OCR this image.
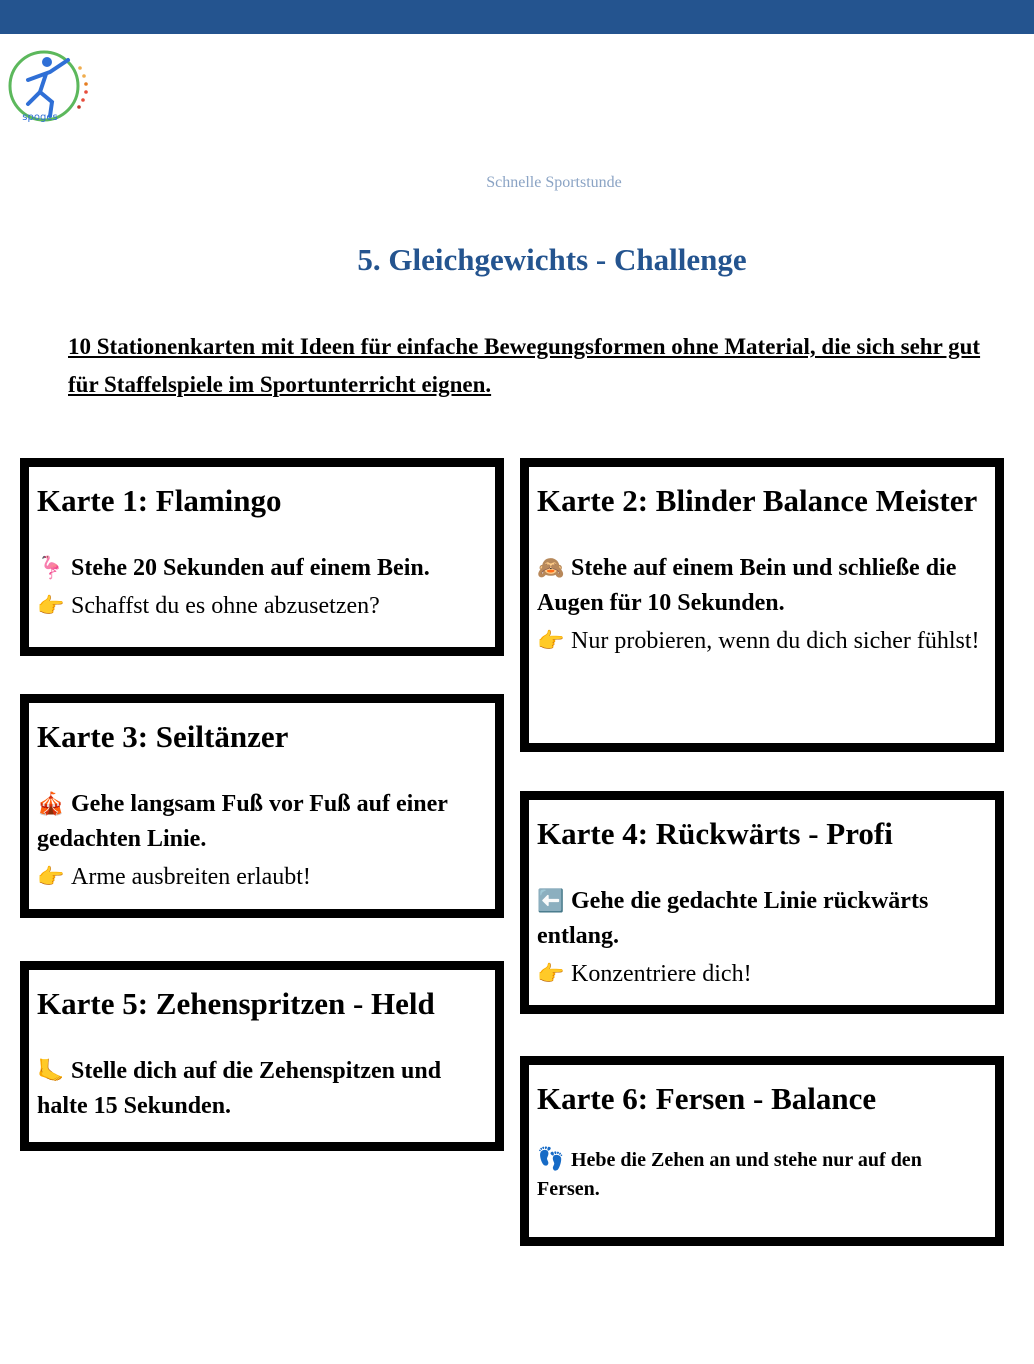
spoges
Schnelle Sportstunde
5. Gleichgewichts - Challenge
10 Stationenkarten mit Ideen für einfache Bewegungsformen ohne Material, die sich sehr gut für Staffelspiele im Sportunterricht eignen.
Karte 1: Flamingo

🦩 Stehe 20 Sekunden auf einem Bein.

👉 Schaffst du es ohne abzusetzen?

Karte 2: Blinder Balance Meister

🙈 Stehe auf einem Bein und schließe die Augen für 10 Sekunden.

👉 Nur probieren, wenn du dich sicher fühlst!

Karte 3: Seiltänzer

🎪 Gehe langsam Fuß vor Fuß auf einer gedachten Linie.

👉 Arme ausbreiten erlaubt!

Karte 4: Rückwärts - Profi

⬅️ Gehe die gedachte Linie rückwärts entlang.

👉 Konzentriere dich!

Karte 5: Zehenspritzen - Held

🦶 Stelle dich auf die Zehenspitzen und halte 15 Sekunden.	Karte 6: Fersen - Balance

👣 Hebe die Zehen an und stehe nur auf den Fersen.
